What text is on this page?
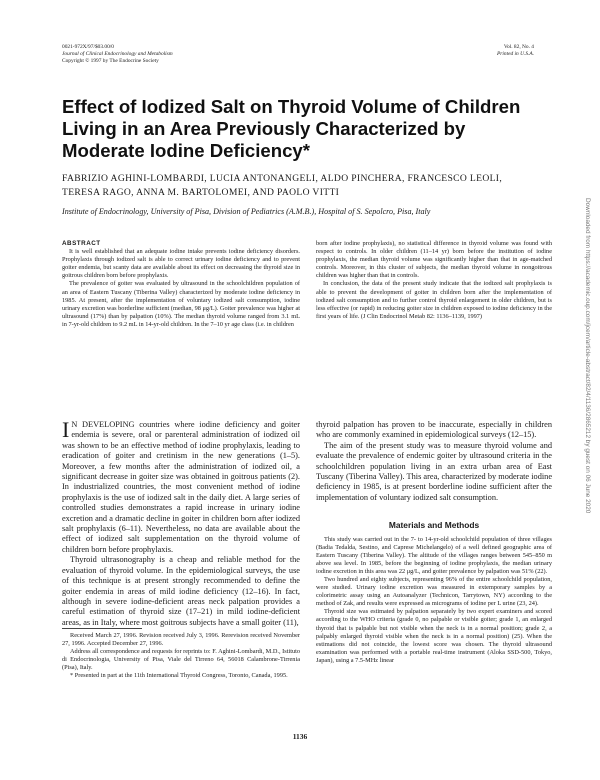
0021-972X/97/$03.00/0
Journal of Clinical Endocrinology and Metabolism
Copyright © 1997 by The Endocrine Society
Vol. 82, No. 4
Printed in U.S.A.
Effect of Iodized Salt on Thyroid Volume of Children Living in an Area Previously Characterized by Moderate Iodine Deficiency*
FABRIZIO AGHINI-LOMBARDI, LUCIA ANTONANGELI, ALDO PINCHERA, FRANCESCO LEOLI, TERESA RAGO, ANNA M. BARTOLOMEI, AND PAOLO VITTI
Institute of Endocrinology, University of Pisa, Division of Pediatrics (A.M.B.), Hospital of S. Sepolcro, Pisa, Italy

ABSTRACT

It is well established that an adequate iodine intake prevents iodine deficiency disorders. Prophylaxis through iodized salt is able to correct urinary iodine deficiency and to prevent goiter endemia, but scanty data are available about its effect on decreasing the thyroid size in goitrous children born before prophylaxis.

The prevalence of goiter was evaluated by ultrasound in the schoolchildren population of an area of Eastern Tuscany (Tiberina Valley) characterized by moderate iodine deficiency in 1985. At present, after the implementation of voluntary iodized salt consumption, iodine urinary excretion was borderline sufficient (median, 98 μg/L). Goiter prevalence was higher at ultrasound (17%) than by palpation (10%). The median thyroid volume ranged from 3.1 mL in 7-yr-old children to 9.2 mL in 14-yr-old children. In the 7–10 yr age class (i.e. in children

born after iodine prophylaxis), no statistical difference in thyroid volume was found with respect to controls. In older children (11–14 yr) born before the institution of iodine prophylaxis, the median thyroid volume was significantly higher than that in age-matched controls. Moreover, in this cluster of subjects, the median thyroid volume in nongoitrous children was higher than that in controls.

In conclusion, the data of the present study indicate that the iodized salt prophylaxis is able to prevent the development of goiter in children born after the implementation of iodized salt consumption and to further control thyroid enlargement in older children, but is less effective (or rapid) in reducing goiter size in children exposed to iodine deficiency in the first years of life. (J Clin Endocrinol Metab 82: 1136–1139, 1997)

I N DEVELOPING countries where iodine deficiency and goiter endemia is severe, oral or parenteral administration of iodized oil was shown to be an effective method of iodine prophylaxis, leading to eradication of goiter and cretinism in the new generations (1–5). Moreover, a few months after the administration of iodized oil, a significant decrease in goiter size was obtained in goitrous patients (2). In industrialized countries, the most convenient method of iodine prophylaxis is the use of iodized salt in the daily diet. A large series of controlled studies demonstrates a rapid increase in urinary iodine excretion and a dramatic decline in goiter in children born after iodized salt prophylaxis (6–11). Nevertheless, no data are available about the effect of iodized salt supplementation on the thyroid volume of children born before prophylaxis.

Thyroid ultrasonography is a cheap and reliable method for the evaluation of thyroid volume. In the epidemiological surveys, the use of this technique is at present strongly recommended to define the goiter endemia in areas of mild iodine deficiency (12–16). In fact, although in severe iodine-deficient areas neck palpation provides a careful estimation of thyroid size (17–21) in mild iodine-deficient areas, as in Italy, where most goitrous subjects have a small goiter (11),

thyroid palpation has proven to be inaccurate, especially in children who are commonly examined in epidemiological surveys (12–15).

The aim of the present study was to measure thyroid volume and evaluate the prevalence of endemic goiter by ultrasound criteria in the schoolchildren population living in an extra urban area of East Tuscany (Tiberina Valley). This area, characterized by moderate iodine deficiency in 1985, is at present borderline iodine sufficient after the implementation of voluntary iodized salt consumption.

Materials and Methods

This study was carried out in the 7- to 14-yr-old schoolchild population of three villages (Badia Tedalda, Sestino, and Caprese Michelangelo) of a well defined geographic area of Eastern Tuscany (Tiberina Valley). The altitude of the villages ranges between 545–850 m above sea level. In 1985, before the beginning of iodine prophylaxis, the median urinary iodine excretion in this area was 22 μg/L, and goiter prevalence by palpation was 51% (22).

Two hundred and eighty subjects, representing 96% of the entire schoolchild population, were studied. Urinary iodine excretion was measured in extemporary samples by a colorimetric assay using an Autoanalyzer (Technicon, Tarrytown, NY) according to the method of Zak, and results were expressed as micrograms of iodine per L urine (23, 24).

Thyroid size was estimated by palpation separately by two expert examiners and scored according to the WHO criteria (grade 0, no palpable or visible goiter; grade 1, an enlarged thyroid that is palpable but not visible when the neck is in a normal position; grade 2, a palpably enlarged thyroid visible when the neck is in a normal position) (25). When the estimations did not coincide, the lowest score was chosen. The thyroid ultrasound examination was performed with a portable real-time instrument (Aloka SSD-500, Tokyo, Japan), using a 7.5-MHz linear

Received March 27, 1996. Revision received July 3, 1996. Rerevision received November 27, 1996. Accepted December 27, 1996.

Address all correspondence and requests for reprints to: F. Aghini-Lombardi, M.D., Istituto di Endocrinologia, University of Pisa, Viale del Tirreno 64, 56018 Calambrone-Tirrenia (Pisa), Italy.

* Presented in part at the 11th International Thyroid Congress, Toronto, Canada, 1995.

1136
Downloaded from https://academic.oup.com/jcem/article-abstract/82/4/1136/2865212 by guest on 06 June 2020
